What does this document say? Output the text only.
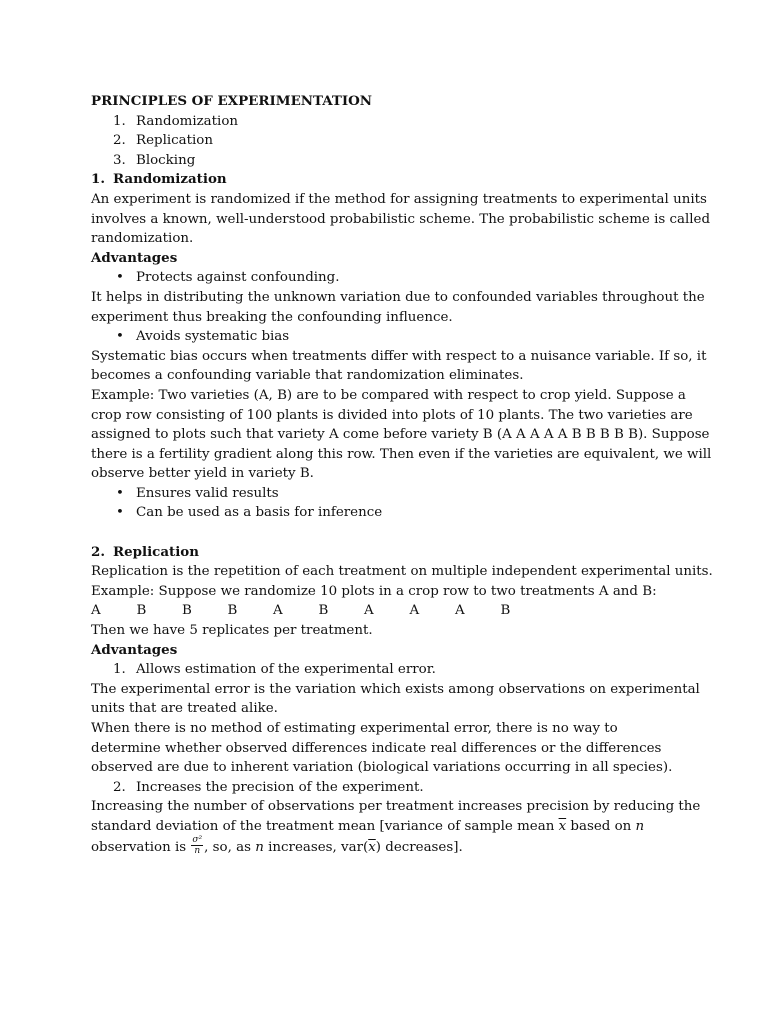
PRINCIPLES OF EXPERIMENTATION
1. Randomization
2. Replication
3. Blocking
1. Randomization
An experiment is randomized if the method for assigning treatments to experimental units
involves a known, well-understood probabilistic scheme. The probabilistic scheme is called
randomization.
Advantages
• Protects against confounding.
It helps in distributing the unknown variation due to confounded variables throughout the
experiment thus breaking the confounding influence.
• Avoids systematic bias
Systematic bias occurs when treatments differ with respect to a nuisance variable. If so, it
becomes a confounding variable that randomization eliminates.
Example: Two varieties (A, B) are to be compared with respect to crop yield. Suppose a
crop row consisting of 100 plants is divided into plots of 10 plants. The two varieties are
assigned to plots such that variety A come before variety B (A A A A A B B B B B). Suppose
there is a fertility gradient along this row. Then even if the varieties are equivalent, we will
observe better yield in variety B.
• Ensures valid results
• Can be used as a basis for inference
2. Replication
Replication is the repetition of each treatment on multiple independent experimental units.
Example: Suppose we randomize 10 plots in a crop row to two treatments A and B:
A	B	B	B	A	B	A	A	A	B
Then we have 5 replicates per treatment.
Advantages
1. Allows estimation of the experimental error.
The experimental error is the variation which exists among observations on experimental
units that are treated alike.
When there is no method of estimating experimental error, there is no way to
determine whether observed differences indicate real differences or the differences
observed are due to inherent variation (biological variations occurring in all species).
2. Increases the precision of the experiment.
Increasing the number of observations per treatment increases precision by reducing the
standard deviation of the treatment mean [variance of sample mean $\overline{x}$ based on n
observation is $\frac{\text{σ²}}{n}$ , so, as n increases, $var(\overline{x})$ decreases].
